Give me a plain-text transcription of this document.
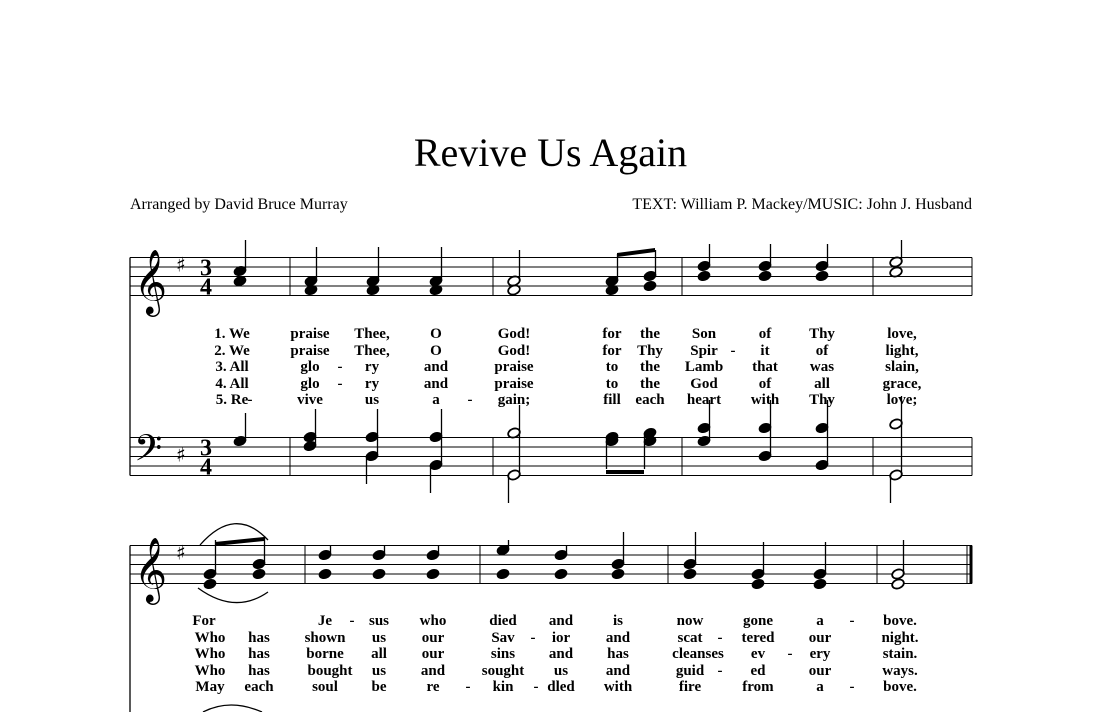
Revive Us Again
Arranged by David Bruce Murray	TEXT: William P. Mackey/MUSIC: John J. Husband
𝄞
𝄢
♯
♯
3
4
3
4
1. We	praise Thee,	O	God!	for the Son	of	Thy	love,
2. We	praise Thee,	O	God!	for Thy Spir - it	of	light,
3. All	glo - ry	and	praise	to the Lamb that was	slain,
4. All	glo - ry	and	praise	to the God	of	all	grace,
5. Re -	vive	us	a - gain;	fill each heart with Thy	love;
𝄞 ♯
For	Je - sus who	died and	is	now	gone	a - bove.
Who has shown us our	Sav - ior and	scat - tered our	night.
Who has borne all our	sins and has	cleanses ev - ery	stain.
Who has	bought us and sought us	and	guid - ed	our	ways.
May each	soul be	re - kin - dled with	fire	from	a - bove.
